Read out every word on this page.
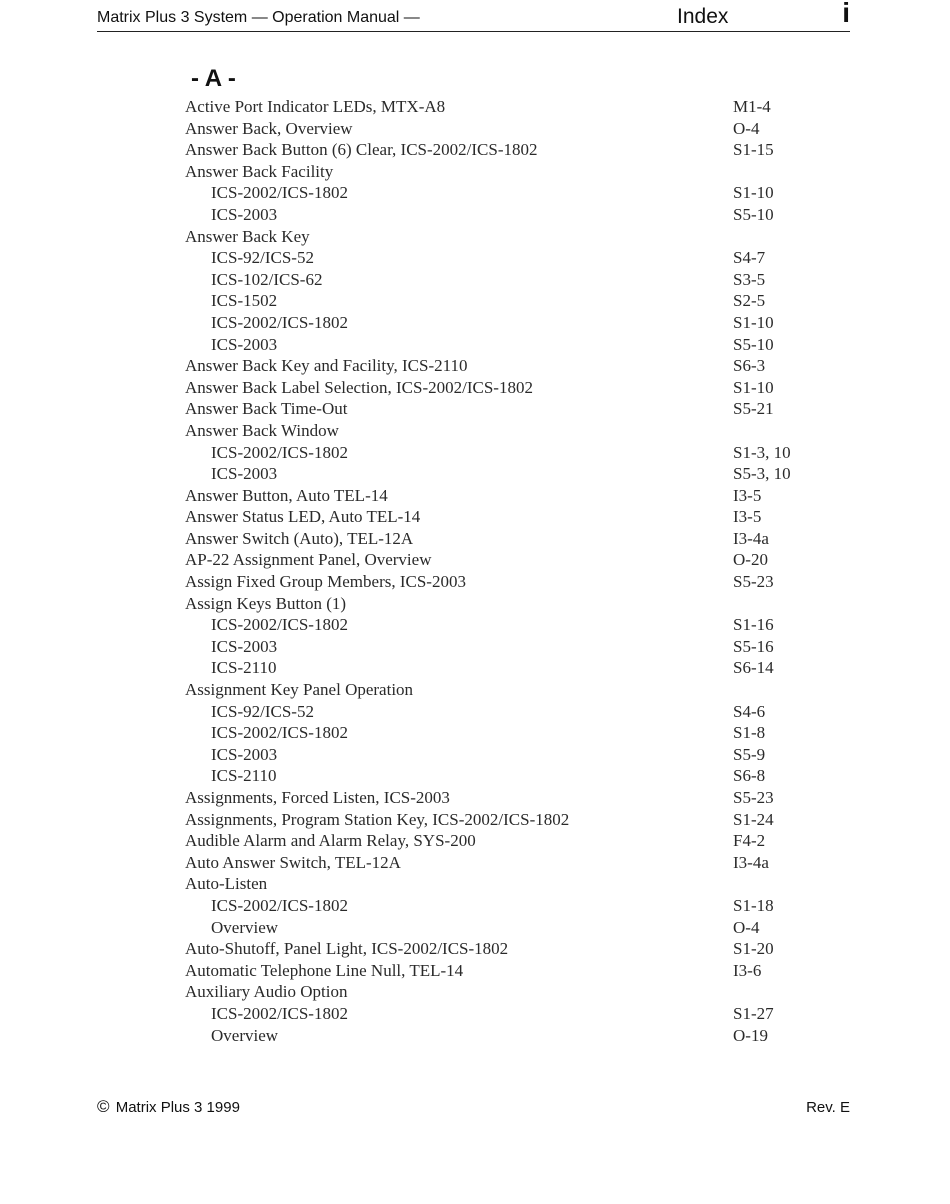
Matrix Plus 3 System — Operation Manual —	Index	i
- A -
Active Port Indicator LEDs, MTX-A8	M1-4
Answer Back, Overview	O-4
Answer Back Button (6) Clear, ICS-2002/ICS-1802	S1-15
Answer Back Facility
ICS-2002/ICS-1802	S1-10
ICS-2003	S5-10
Answer Back Key
ICS-92/ICS-52	S4-7
ICS-102/ICS-62	S3-5
ICS-1502	S2-5
ICS-2002/ICS-1802	S1-10
ICS-2003	S5-10
Answer Back Key and Facility, ICS-2110	S6-3
Answer Back Label Selection, ICS-2002/ICS-1802	S1-10
Answer Back Time-Out	S5-21
Answer Back Window
ICS-2002/ICS-1802	S1-3, 10
ICS-2003	S5-3, 10
Answer Button, Auto TEL-14	I3-5
Answer Status LED, Auto TEL-14	I3-5
Answer Switch (Auto), TEL-12A	I3-4a
AP-22 Assignment Panel, Overview	O-20
Assign Fixed Group Members, ICS-2003	S5-23
Assign Keys Button (1)
ICS-2002/ICS-1802	S1-16
ICS-2003	S5-16
ICS-2110	S6-14
Assignment Key Panel Operation
ICS-92/ICS-52	S4-6
ICS-2002/ICS-1802	S1-8
ICS-2003	S5-9
ICS-2110	S6-8
Assignments, Forced Listen, ICS-2003	S5-23
Assignments, Program Station Key, ICS-2002/ICS-1802	S1-24
Audible Alarm and Alarm Relay, SYS-200	F4-2
Auto Answer Switch, TEL-12A	I3-4a
Auto-Listen
ICS-2002/ICS-1802	S1-18
Overview	O-4
Auto-Shutoff, Panel Light, ICS-2002/ICS-1802	S1-20
Automatic Telephone Line Null, TEL-14	I3-6
Auxiliary Audio Option
ICS-2002/ICS-1802	S1-27
Overview	O-19
© Matrix Plus 3 1999	Rev. E
